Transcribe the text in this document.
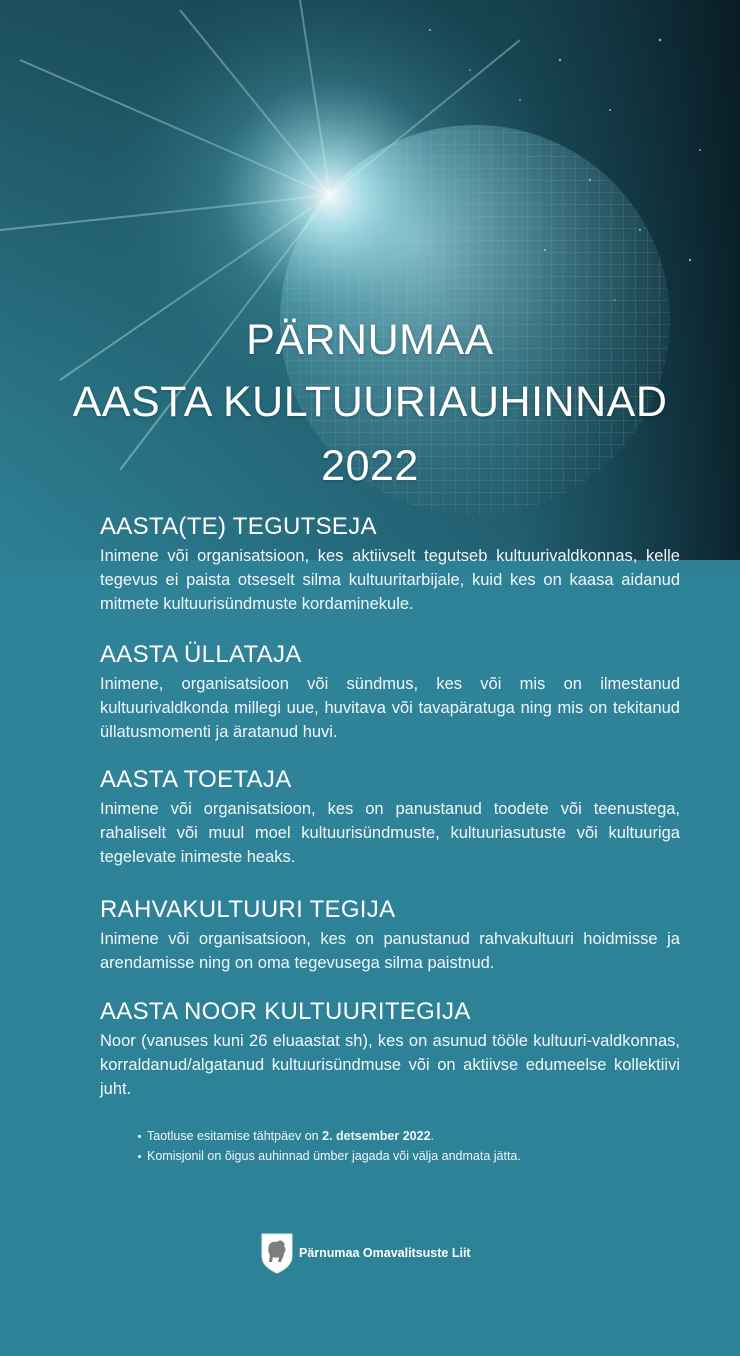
PÄRNUMAA
AASTA KULTUURIAUHINNAD
2022
AASTA(TE) TEGUTSEJA

Inimene või organisatsioon, kes aktiivselt tegutseb kultuurivaldkonnas, kelle tegevus ei paista otseselt silma kultuuritarbijale, kuid kes on kaasa aidanud mitmete kultuurisündmuste kordaminekule.

AASTA ÜLLATAJA

Inimene, organisatsioon või sündmus, kes või mis on ilmestanud kultuurivaldkonda millegi uue, huvitava või tavapäratuga ning mis on tekitanud üllatusmomenti ja äratanud huvi.

AASTA TOETAJA

Inimene või organisatsioon, kes on panustanud toodete või teenustega, rahaliselt või muul moel kultuurisündmuste, kultuuriasutuste või kultuuriga tegelevate inimeste heaks.

RAHVAKULTUURI TEGIJA

Inimene või organisatsioon, kes on panustanud rahvakultuuri hoidmisse ja arendamisse ning on oma tegevusega silma paistnud.

AASTA NOOR KULTUURITEGIJA

Noor (vanuses kuni 26 eluaastat sh), kes on asunud tööle kultuuri-valdkonnas, korraldanud/algatanud kultuurisündmuse või on aktiivse edumeelse kollektiivi juht.

Taotluse esitamise tähtpäev on
2. detsember 2022 .
Komisjonil on õigus auhinnad ümber jagada või välja andmata jätta.
Pärnumaa Omavalitsuste Liit
